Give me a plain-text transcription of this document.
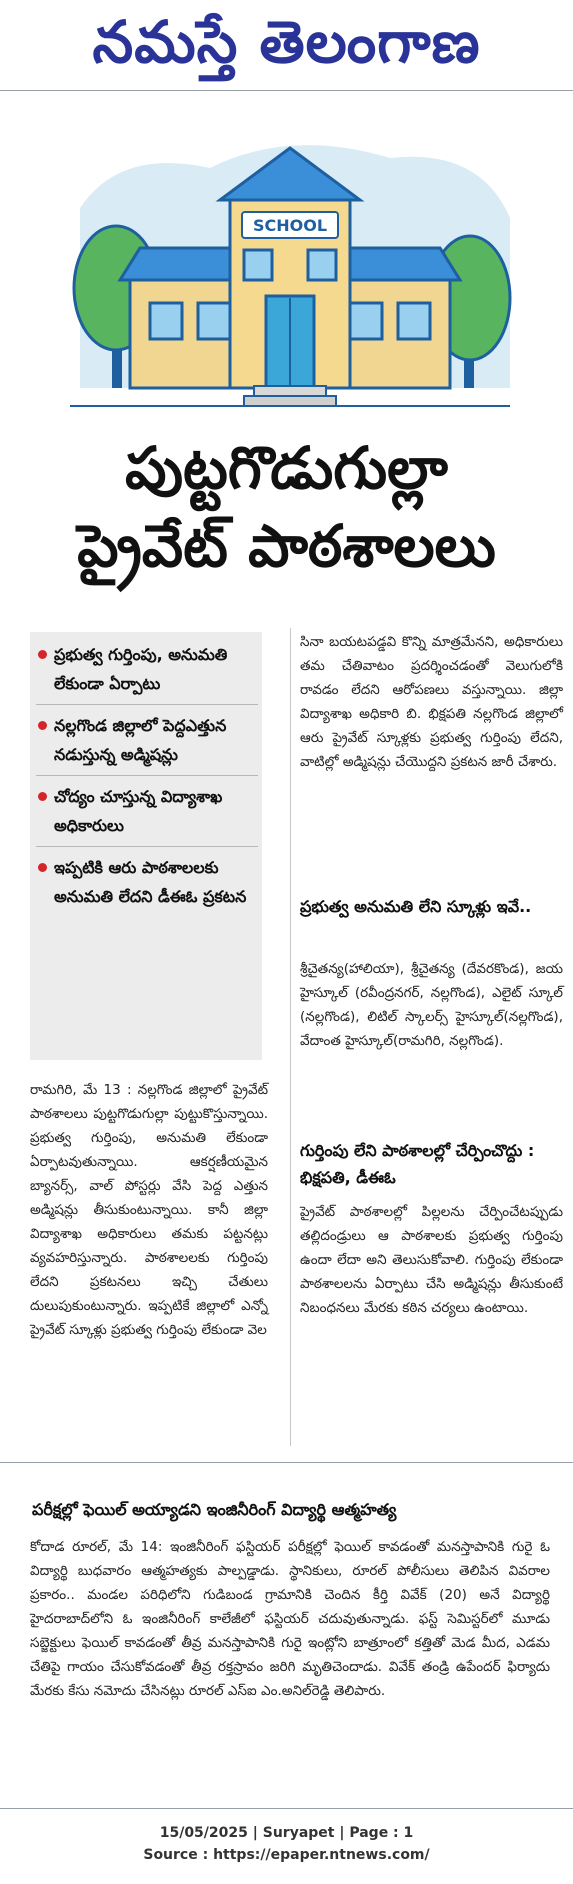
నమస్తే తెలంగాణ
SCHOOL
పుట్టగొడుగుల్లా
ప్రైవేట్ పాఠశాలలు
ప్రభుత్వ గుర్తింపు, అనుమతి లేకుండా ఏర్పాటు
నల్లగొండ జిల్లాలో పెద్దఎత్తున నడుస్తున్న అడ్మిషన్లు
చోద్యం చూస్తున్న విద్యాశాఖ అధికారులు
ఇప్పటికి ఆరు పాఠశాలలకు అనుమతి లేదని డీఈఓ ప్రకటన
రామగిరి, మే 13 : నల్లగొండ జిల్లాలో ప్రైవేట్ పాఠశాలలు పుట్టగొడుగుల్లా పుట్టుకొస్తున్నాయి. ప్రభుత్వ గుర్తింపు, అనుమతి లేకుండా ఏర్పాటవుతున్నాయి. ఆకర్షణీయమైన బ్యానర్స్, వాల్ పోస్టర్లు వేసి పెద్ద ఎత్తున అడ్మిషన్లు తీసుకుంటున్నాయి. కానీ జిల్లా విద్యాశాఖ అధికారులు తమకు పట్టనట్లు వ్యవహరిస్తున్నారు. పాఠశాలలకు గుర్తింపు లేదని ప్రకటనలు ఇచ్చి చేతులు దులుపుకుంటున్నారు. ఇప్పటికే జిల్లాలో ఎన్నో ప్రైవేట్ స్కూళ్లు ప్రభుత్వ గుర్తింపు లేకుండా వెల
సినా బయటపడ్డవి కొన్ని మాత్రమేనని, అధికారులు తమ చేతివాటం ప్రదర్శించడంతో వెలుగులోకి రావడం లేదని ఆరోపణలు వస్తున్నాయి. జిల్లా విద్యాశాఖ అధికారి బి. భిక్షపతి నల్లగొండ జిల్లాలో ఆరు ప్రైవేట్ స్కూళ్లకు ప్రభుత్వ గుర్తింపు లేదని, వాటిల్లో అడ్మిషన్లు చేయొద్దని ప్రకటన జారీ చేశారు.
ప్రభుత్వ అనుమతి లేని స్కూళ్లు ఇవే..
శ్రీచైతన్య(హాలియా), శ్రీచైతన్య (దేవరకొండ), జయ హైస్కూల్ (రవీంద్రనగర్, నల్లగొండ), ఎలైట్ స్కూల్ (నల్లగొండ), లిటిల్ స్కాలర్స్ హైస్కూల్(నల్లగొండ), వేదాంత హైస్కూల్(రామగిరి, నల్లగొండ).
గుర్తింపు లేని పాఠశాలల్లో చేర్పించొద్దు : భిక్షపతి, డీఈఓ
ప్రైవేట్ పాఠశాలల్లో పిల్లలను చేర్పించేటప్పుడు తల్లిదండ్రులు ఆ పాఠశాలకు ప్రభుత్వ గుర్తింపు ఉందా లేదా అని తెలుసుకోవాలి. గుర్తింపు లేకుండా పాఠశాలలను ఏర్పాటు చేసి అడ్మిషన్లు తీసుకుంటే నిబంధనలు మేరకు కఠిన చర్యలు ఉంటాయి.
పరీక్షల్లో ఫెయిల్ అయ్యాడని ఇంజినీరింగ్ విద్యార్థి ఆత్మహత్య
కోదాడ రూరల్, మే 14: ఇంజినీరింగ్ ఫస్టియర్ పరీక్షల్లో ఫెయిల్ కావడంతో మనస్తాపానికి గురై ఓ విద్యార్థి బుధవారం ఆత్మహత్యకు పాల్పడ్డాడు. స్థానికులు, రూరల్ పోలీసులు తెలిపిన వివరాల ప్రకారం.. మండల పరిధిలోని గుడిబండ గ్రామానికి చెందిన కీర్తి వివేక్ (20) అనే విద్యార్థి హైదరాబాద్‌లోని ఓ ఇంజినీరింగ్ కాలేజీలో ఫస్టియర్ చదువుతున్నాడు. ఫస్ట్ సెమిస్టర్‌లో మూడు సబ్జెక్టులు ఫెయిల్ కావడంతో తీవ్ర మనస్తాపానికి గురై ఇంట్లోని బాత్రూంలో కత్తితో మెడ మీద, ఎడమ చేతిపై గాయం చేసుకోవడంతో తీవ్ర రక్తస్రావం జరిగి మృతిచెందాడు. వివేక్ తండ్రి ఉపేందర్ ఫిర్యాదు మేరకు కేసు నమోదు చేసినట్లు రూరల్ ఎస్ఐ ఎం.అనిల్‌రెడ్డి తెలిపారు.
15/05/2025 | Suryapet | Page : 1
Source : https://epaper.ntnews.com/
